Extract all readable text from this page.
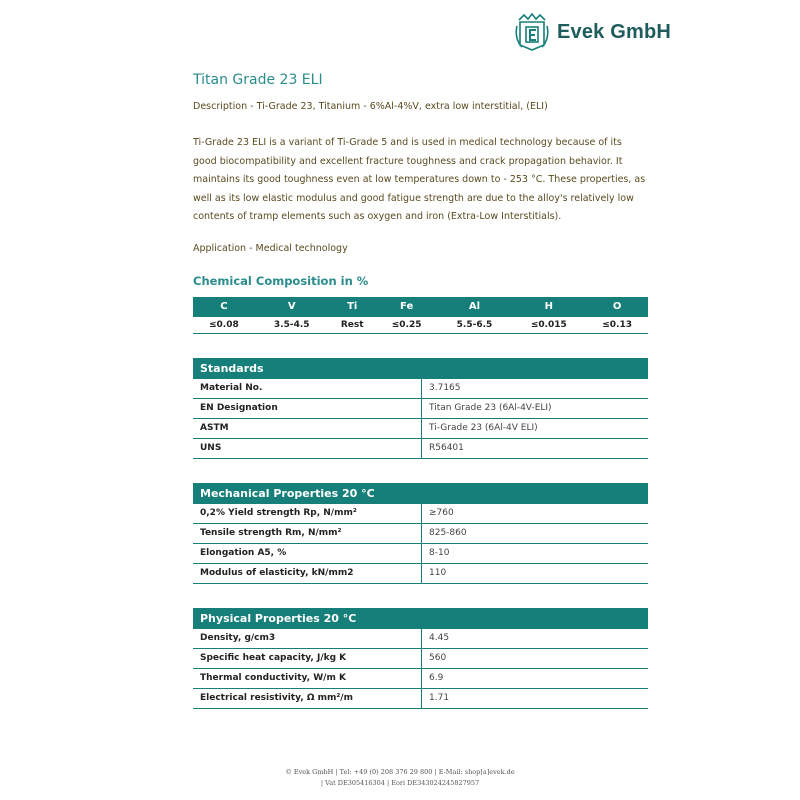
Evek GmbH
Titan Grade 23 ELI

Description - Ti-Grade 23, Titanium - 6%Al-4%V, extra low interstitial, (ELI)

Ti-Grade 23 ELI is a variant of Ti-Grade 5 and is used in medical technology because of its good biocompatibility and excellent fracture toughness and crack propagation behavior. It maintains its good toughness even at low temperatures down to - 253 °C. These properties, as well as its low elastic modulus and good fatigue strength are due to the alloy's relatively low contents of tramp elements such as oxygen and iron (Extra-Low Interstitials).

Application - Medical technology

Chemical Composition in %
C	V	Ti	Fe	Al	H	O
≤0.08	3.5-4.5	Rest	≤0.25	5.5-6.5	≤0.015	≤0.13
Standards	
Material No.	3.7165
EN Designation	Titan Grade 23 (6Al-4V-ELI)
ASTM	Ti-Grade 23 (6Al-4V ELI)
UNS	R56401
Mechanical Properties 20 °C	
0,2% Yield strength Rp, N/mm²	≥760
Tensile strength Rm, N/mm²	825-860
Elongation A5, %	8-10
Modulus of elasticity, kN/mm2	110
Physical Properties 20 °C	
Density, g/cm3	4.45
Specific heat capacity, J/kg K	560
Thermal conductivity, W/m K	6.9
Electrical resistivity, Ω mm²/m	1.71
© Evek GmbH | Tel: +49 (0) 208 376 29 800 | E-Mail: shop[a]evek.de
| Vat DE305416304 | Eori DE343024245827957
